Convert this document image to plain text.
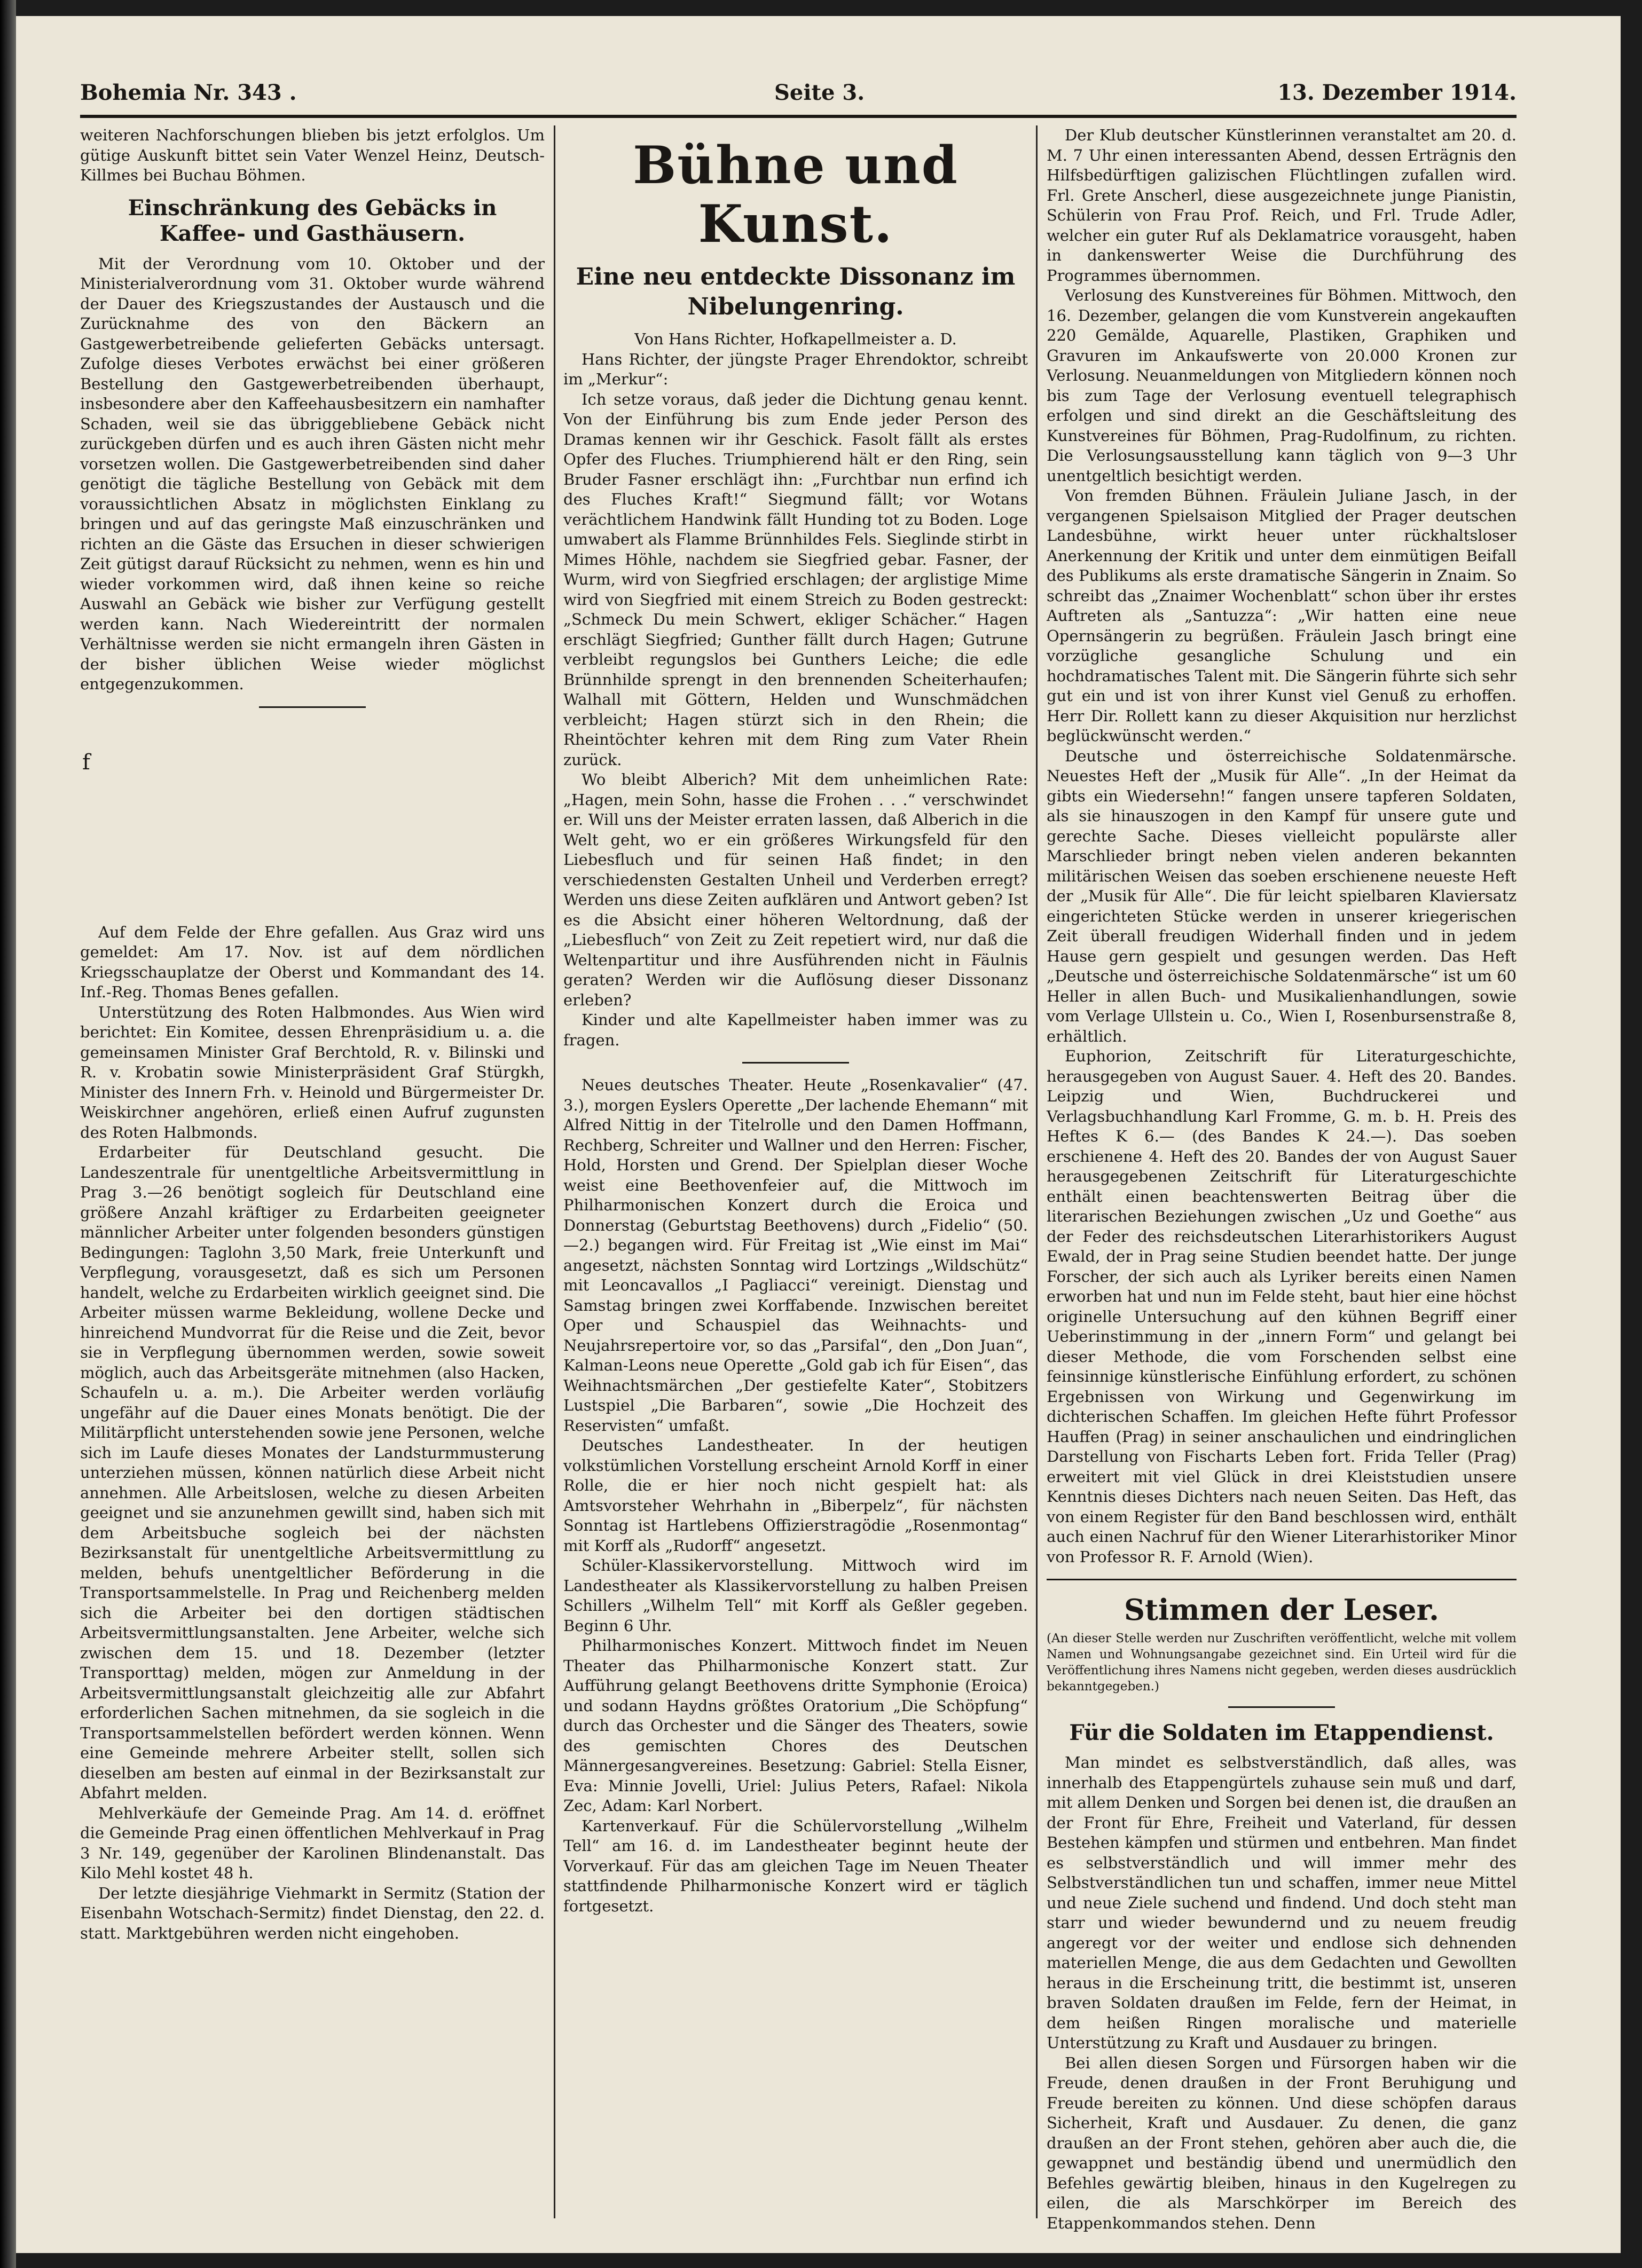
Bohemia Nr. 343 .	Seite 3.	13. Dezember 1914.

weiteren Nachforschungen blieben bis jetzt erfolglos. Um gütige Auskunft bittet sein Vater Wenzel Heinz, Deutsch-Killmes bei Buchau Böhmen.

Einschränkung des Gebäcks in Kaffee- und Gasthäusern.

Mit der Verordnung vom 10. Oktober und der Ministerialverordnung vom 31. Oktober wurde während der Dauer des Kriegszustandes der Austausch und die Zurücknahme des von den Bäckern an Gastgewerbetreibende gelieferten Gebäcks untersagt. Zufolge dieses Verbotes erwächst bei einer größeren Bestellung den Gastgewerbetreibenden überhaupt, insbesondere aber den Kaffeehausbesitzern ein namhafter Schaden, weil sie das übriggebliebene Gebäck nicht zurückgeben dürfen und es auch ihren Gästen nicht mehr vorsetzen wollen. Die Gastgewerbetreibenden sind daher genötigt die tägliche Bestellung von Gebäck mit dem voraussichtlichen Absatz in möglichsten Einklang zu bringen und auf das geringste Maß einzuschränken und richten an die Gäste das Ersuchen in dieser schwierigen Zeit gütigst darauf Rücksicht zu nehmen, wenn es hin und wieder vorkommen wird, daß ihnen keine so reiche Auswahl an Gebäck wie bisher zur Verfügung gestellt werden kann. Nach Wiedereintritt der normalen Verhältnisse werden sie nicht ermangeln ihren Gästen in der bisher üblichen Weise wieder möglichst entgegenzukommen.

f

Auf dem Felde der Ehre gefallen. Aus Graz wird uns gemeldet: Am 17. Nov. ist auf dem nördlichen Kriegsschauplatze der Oberst und Kommandant des 14. Inf.-Reg. Thomas Benes gefallen.

Unterstützung des Roten Halbmondes. Aus Wien wird berichtet: Ein Komitee, dessen Ehrenpräsidium u. a. die gemeinsamen Minister Graf Berchtold, R. v. Bilinski und R. v. Krobatin sowie Ministerpräsident Graf Stürgkh, Minister des Innern Frh. v. Heinold und Bürgermeister Dr. Weiskirchner angehören, erließ einen Aufruf zugunsten des Roten Halbmonds.

Erdarbeiter für Deutschland gesucht. Die Landeszentrale für unentgeltliche Arbeitsvermittlung in Prag 3.—26 benötigt sogleich für Deutschland eine größere Anzahl kräftiger zu Erdarbeiten geeigneter männlicher Arbeiter unter folgenden besonders günstigen Bedingungen: Taglohn 3,50 Mark, freie Unterkunft und Verpflegung, vorausgesetzt, daß es sich um Personen handelt, welche zu Erdarbeiten wirklich geeignet sind. Die Arbeiter müssen warme Bekleidung, wollene Decke und hinreichend Mundvorrat für die Reise und die Zeit, bevor sie in Verpflegung übernommen werden, sowie soweit möglich, auch das Arbeitsgeräte mitnehmen (also Hacken, Schaufeln u. a. m.). Die Arbeiter werden vorläufig ungefähr auf die Dauer eines Monats benötigt. Die der Militärpflicht unterstehenden sowie jene Personen, welche sich im Laufe dieses Monates der Landsturmmusterung unterziehen müssen, können natürlich diese Arbeit nicht annehmen. Alle Arbeitslosen, welche zu diesen Arbeiten geeignet und sie anzunehmen gewillt sind, haben sich mit dem Arbeitsbuche sogleich bei der nächsten Bezirksanstalt für unentgeltliche Arbeitsvermittlung zu melden, behufs unentgeltlicher Beförderung in die Transportsammelstelle. In Prag und Reichenberg melden sich die Arbeiter bei den dortigen städtischen Arbeitsvermittlungsanstalten. Jene Arbeiter, welche sich zwischen dem 15. und 18. Dezember (letzter Transporttag) melden, mögen zur Anmeldung in der Arbeitsvermittlungsanstalt gleichzeitig alle zur Abfahrt erforderlichen Sachen mitnehmen, da sie sogleich in die Transportsammelstellen befördert werden können. Wenn eine Gemeinde mehrere Arbeiter stellt, sollen sich dieselben am besten auf einmal in der Bezirksanstalt zur Abfahrt melden.

Mehlverkäufe der Gemeinde Prag. Am 14. d. eröffnet die Gemeinde Prag einen öffentlichen Mehlverkauf in Prag 3 Nr. 149, gegenüber der Karolinen Blindenanstalt. Das Kilo Mehl kostet 48 h.

Der letzte diesjährige Viehmarkt in Sermitz (Station der Eisenbahn Wotschach-Sermitz) findet Dienstag, den 22. d. statt. Marktgebühren werden nicht eingehoben.

Bühne und Kunst.
Eine neu entdeckte Dissonanz im Nibelungenring.

Von Hans Richter, Hofkapellmeister a. D.

Hans Richter, der jüngste Prager Ehrendoktor, schreibt im „Merkur“:

Ich setze voraus, daß jeder die Dichtung genau kennt. Von der Einführung bis zum Ende jeder Person des Dramas kennen wir ihr Geschick. Fasolt fällt als erstes Opfer des Fluches. Triumphierend hält er den Ring, sein Bruder Fasner erschlägt ihn: „Furchtbar nun erfind ich des Fluches Kraft!“ Siegmund fällt; vor Wotans verächtlichem Handwink fällt Hunding tot zu Boden. Loge umwabert als Flamme Brünnhildes Fels. Sieglinde stirbt in Mimes Höhle, nachdem sie Siegfried gebar. Fasner, der Wurm, wird von Siegfried erschlagen; der arglistige Mime wird von Siegfried mit einem Streich zu Boden gestreckt: „Schmeck Du mein Schwert, ekliger Schächer.“ Hagen erschlägt Siegfried; Gunther fällt durch Hagen; Gutrune verbleibt regungslos bei Gunthers Leiche; die edle Brünnhilde sprengt in den brennenden Scheiterhaufen; Walhall mit Göttern, Helden und Wunschmädchen verbleicht; Hagen stürzt sich in den Rhein; die Rheintöchter kehren mit dem Ring zum Vater Rhein zurück.

Wo bleibt Alberich? Mit dem unheimlichen Rate: „Hagen, mein Sohn, hasse die Frohen . . .“ verschwindet er. Will uns der Meister erraten lassen, daß Alberich in die Welt geht, wo er ein größeres Wirkungsfeld für den Liebesfluch und für seinen Haß findet; in den verschiedensten Gestalten Unheil und Verderben erregt? Werden uns diese Zeiten aufklären und Antwort geben? Ist es die Absicht einer höheren Weltordnung, daß der „Liebesfluch“ von Zeit zu Zeit repetiert wird, nur daß die Weltenpartitur und ihre Ausführenden nicht in Fäulnis geraten? Werden wir die Auflösung dieser Dissonanz erleben?

Kinder und alte Kapellmeister haben immer was zu fragen.

Neues deutsches Theater. Heute „Rosenkavalier“ (47. 3.), morgen Eyslers Operette „Der lachende Ehemann“ mit Alfred Nittig in der Titelrolle und den Damen Hoffmann, Rechberg, Schreiter und Wallner und den Herren: Fischer, Hold, Horsten und Grend. Der Spielplan dieser Woche weist eine Beethovenfeier auf, die Mittwoch im Philharmonischen Konzert durch die Eroica und Donnerstag (Geburtstag Beethovens) durch „Fidelio“ (50.—2.) begangen wird. Für Freitag ist „Wie einst im Mai“ angesetzt, nächsten Sonntag wird Lortzings „Wildschütz“ mit Leoncavallos „I Pagliacci“ vereinigt. Dienstag und Samstag bringen zwei Korffabende. Inzwischen bereitet Oper und Schauspiel das Weihnachts- und Neujahrsrepertoire vor, so das „Parsifal“, den „Don Juan“, Kalman-Leons neue Operette „Gold gab ich für Eisen“, das Weihnachtsmärchen „Der gestiefelte Kater“, Stobitzers Lustspiel „Die Barbaren“, sowie „Die Hochzeit des Reservisten“ umfaßt.

Deutsches Landestheater. In der heutigen volkstümlichen Vorstellung erscheint Arnold Korff in einer Rolle, die er hier noch nicht gespielt hat: als Amtsvorsteher Wehrhahn in „Biberpelz“, für nächsten Sonntag ist Hartlebens Offizierstragödie „Rosenmontag“ mit Korff als „Rudorff“ angesetzt.

Schüler-Klassikervorstellung. Mittwoch wird im Landestheater als Klassikervorstellung zu halben Preisen Schillers „Wilhelm Tell“ mit Korff als Geßler gegeben. Beginn 6 Uhr.

Philharmonisches Konzert. Mittwoch findet im Neuen Theater das Philharmonische Konzert statt. Zur Aufführung gelangt Beethovens dritte Symphonie (Eroica) und sodann Haydns größtes Oratorium „Die Schöpfung“ durch das Orchester und die Sänger des Theaters, sowie des gemischten Chores des Deutschen Männergesangvereines. Besetzung: Gabriel: Stella Eisner, Eva: Minnie Jovelli, Uriel: Julius Peters, Rafael: Nikola Zec, Adam: Karl Norbert.

Kartenverkauf. Für die Schülervorstellung „Wilhelm Tell“ am 16. d. im Landestheater beginnt heute der Vorverkauf. Für das am gleichen Tage im Neuen Theater stattfindende Philharmonische Konzert wird er täglich fortgesetzt.

Der Klub deutscher Künstlerinnen veranstaltet am 20. d. M. 7 Uhr einen interessanten Abend, dessen Erträgnis den Hilfsbedürftigen galizischen Flüchtlingen zufallen wird. Frl. Grete Anscherl, diese ausgezeichnete junge Pianistin, Schülerin von Frau Prof. Reich, und Frl. Trude Adler, welcher ein guter Ruf als Deklamatrice vorausgeht, haben in dankenswerter Weise die Durchführung des Programmes übernommen.

Verlosung des Kunstvereines für Böhmen. Mittwoch, den 16. Dezember, gelangen die vom Kunstverein angekauften 220 Gemälde, Aquarelle, Plastiken, Graphiken und Gravuren im Ankaufswerte von 20.000 Kronen zur Verlosung. Neuanmeldungen von Mitgliedern können noch bis zum Tage der Verlosung eventuell telegraphisch erfolgen und sind direkt an die Geschäftsleitung des Kunstvereines für Böhmen, Prag-Rudolfinum, zu richten. Die Verlosungsausstellung kann täglich von 9—3 Uhr unentgeltlich besichtigt werden.

Von fremden Bühnen. Fräulein Juliane Jasch, in der vergangenen Spielsaison Mitglied der Prager deutschen Landesbühne, wirkt heuer unter rückhaltsloser Anerkennung der Kritik und unter dem einmütigen Beifall des Publikums als erste dramatische Sängerin in Znaim. So schreibt das „Znaimer Wochenblatt“ schon über ihr erstes Auftreten als „Santuzza“: „Wir hatten eine neue Opernsängerin zu begrüßen. Fräulein Jasch bringt eine vorzügliche gesangliche Schulung und ein hochdramatisches Talent mit. Die Sängerin führte sich sehr gut ein und ist von ihrer Kunst viel Genuß zu erhoffen. Herr Dir. Rollett kann zu dieser Akquisition nur herzlichst beglückwünscht werden.“

Deutsche und österreichische Soldatenmärsche. Neuestes Heft der „Musik für Alle“. „In der Heimat da gibts ein Wiedersehn!“ fangen unsere tapferen Soldaten, als sie hinauszogen in den Kampf für unsere gute und gerechte Sache. Dieses vielleicht populärste aller Marschlieder bringt neben vielen anderen bekannten militärischen Weisen das soeben erschienene neueste Heft der „Musik für Alle“. Die für leicht spielbaren Klaviersatz eingerichteten Stücke werden in unserer kriegerischen Zeit überall freudigen Widerhall finden und in jedem Hause gern gespielt und gesungen werden. Das Heft „Deutsche und österreichische Soldatenmärsche“ ist um 60 Heller in allen Buch- und Musikalienhandlungen, sowie vom Verlage Ullstein u. Co., Wien I, Rosenbursenstraße 8, erhältlich.

Euphorion, Zeitschrift für Literaturgeschichte, herausgegeben von August Sauer. 4. Heft des 20. Bandes. Leipzig und Wien, Buchdruckerei und Verlagsbuchhandlung Karl Fromme, G. m. b. H. Preis des Heftes K 6.— (des Bandes K 24.—). Das soeben erschienene 4. Heft des 20. Bandes der von August Sauer herausgegebenen Zeitschrift für Literaturgeschichte enthält einen beachtenswerten Beitrag über die literarischen Beziehungen zwischen „Uz und Goethe“ aus der Feder des reichsdeutschen Literarhistorikers August Ewald, der in Prag seine Studien beendet hatte. Der junge Forscher, der sich auch als Lyriker bereits einen Namen erworben hat und nun im Felde steht, baut hier eine höchst originelle Untersuchung auf den kühnen Begriff einer Ueberinstimmung in der „innern Form“ und gelangt bei dieser Methode, die vom Forschenden selbst eine feinsinnige künstlerische Einfühlung erfordert, zu schönen Ergebnissen von Wirkung und Gegenwirkung im dichterischen Schaffen. Im gleichen Hefte führt Professor Hauffen (Prag) in seiner anschaulichen und eindringlichen Darstellung von Fischarts Leben fort. Frida Teller (Prag) erweitert mit viel Glück in drei Kleiststudien unsere Kenntnis dieses Dichters nach neuen Seiten. Das Heft, das von einem Register für den Band beschlossen wird, enthält auch einen Nachruf für den Wiener Literarhistoriker Minor von Professor R. F. Arnold (Wien).

Stimmen der Leser.
(An dieser Stelle werden nur Zuschriften veröffentlicht, welche mit vollem Namen und Wohnungsangabe gezeichnet sind. Ein Urteil wird für die Veröffentlichung ihres Namens nicht gegeben, werden dieses ausdrücklich bekanntgegeben.)
Für die Soldaten im Etappendienst.

Man mindet es selbstverständlich, daß alles, was innerhalb des Etappengürtels zuhause sein muß und darf, mit allem Denken und Sorgen bei denen ist, die draußen an der Front für Ehre, Freiheit und Vaterland, für dessen Bestehen kämpfen und stürmen und entbehren. Man findet es selbstverständlich und will immer mehr des Selbstverständlichen tun und schaffen, immer neue Mittel und neue Ziele suchend und findend. Und doch steht man starr und wieder bewundernd und zu neuem freudig angeregt vor der weiter und endlose sich dehnenden materiellen Menge, die aus dem Gedachten und Gewollten heraus in die Erscheinung tritt, die bestimmt ist, unseren braven Soldaten draußen im Felde, fern der Heimat, in dem heißen Ringen moralische und materielle Unterstützung zu Kraft und Ausdauer zu bringen.

Bei allen diesen Sorgen und Fürsorgen haben wir die Freude, denen draußen in der Front Beruhigung und Freude bereiten zu können. Und diese schöpfen daraus Sicherheit, Kraft und Ausdauer. Zu denen, die ganz draußen an der Front stehen, gehören aber auch die, die gewappnet und beständig übend und unermüdlich den Befehles gewärtig bleiben, hinaus in den Kugelregen zu eilen, die als Marschkörper im Bereich des Etappenkommandos stehen. Denn
